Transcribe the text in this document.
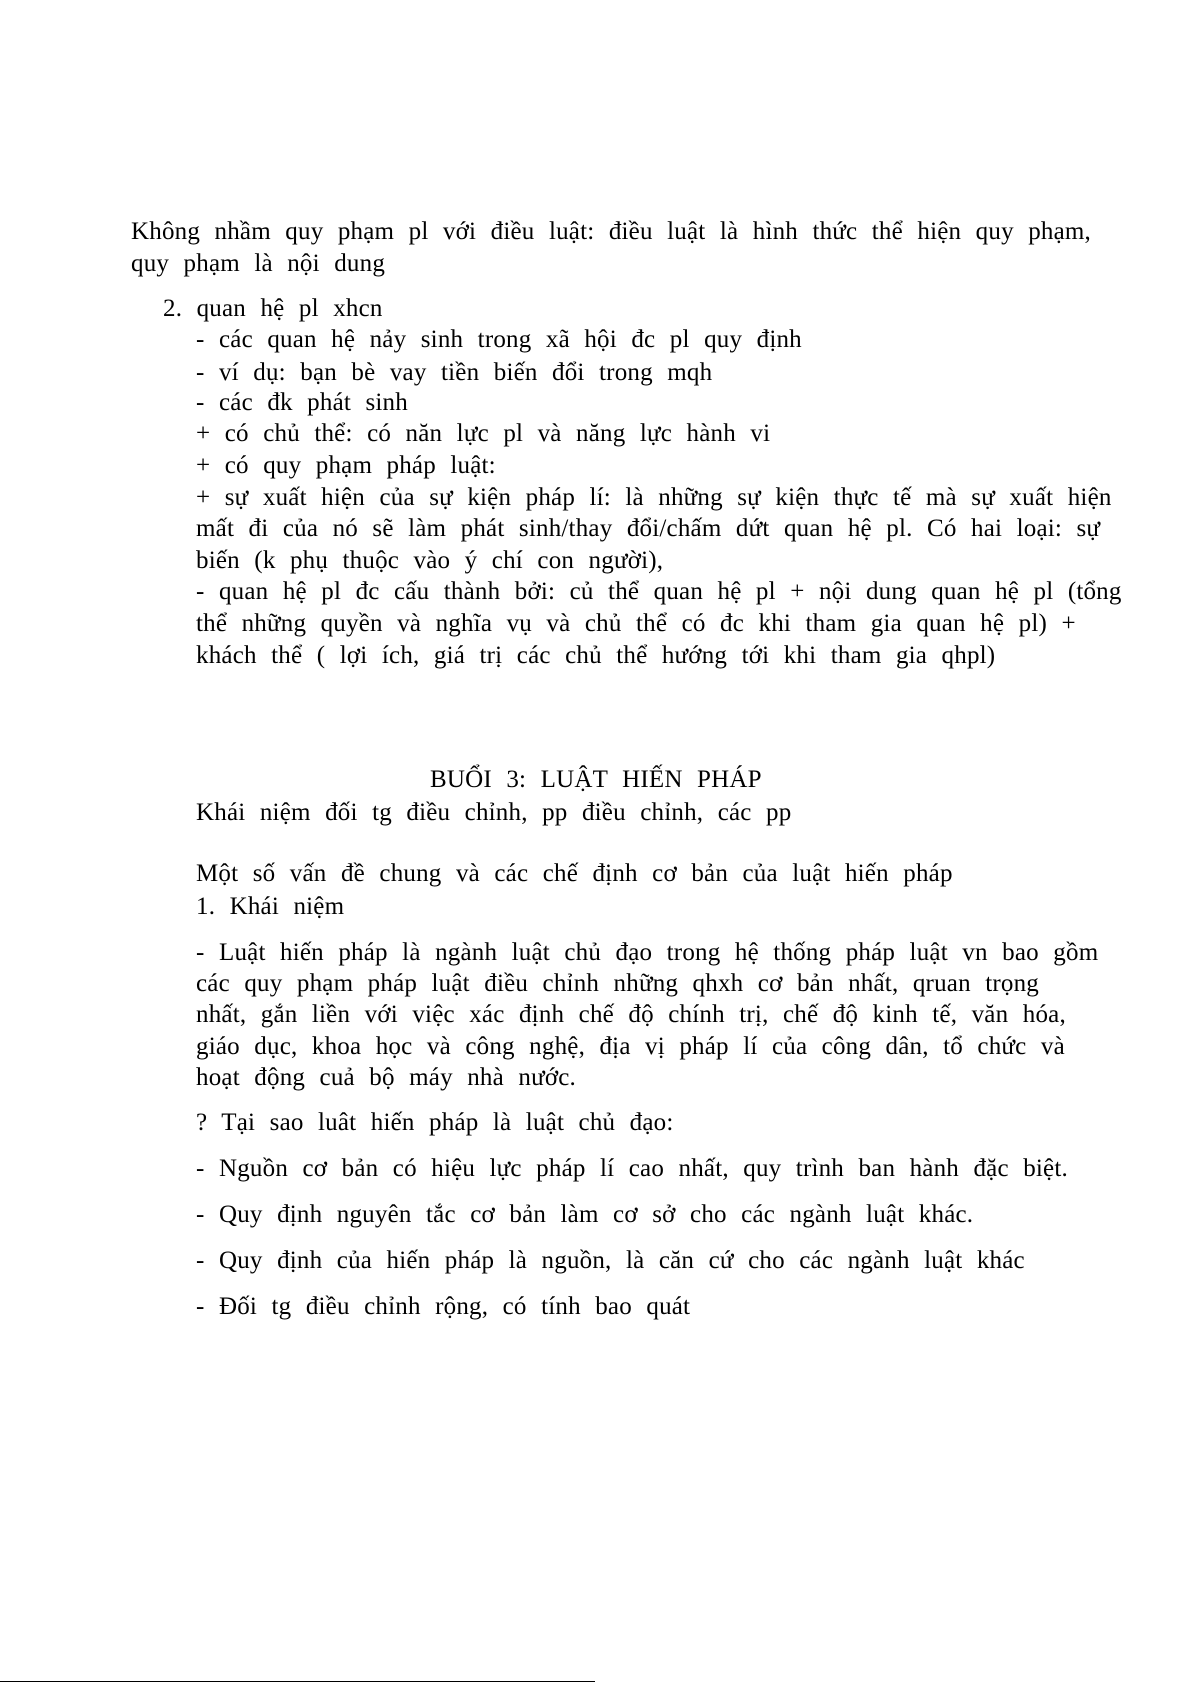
Không nhầm quy phạm pl với điều luật: điều luật là hình thức thể hiện quy phạm,

quy phạm là nội dung

2. quan hệ pl xhcn

- các quan hệ nảy sinh trong xã hội đc pl quy định

- ví dụ: bạn bè vay tiền biến đổi trong mqh

- các đk phát sinh

+ có chủ thể: có năn lực pl và năng lực hành vi

+ có quy phạm pháp luật:

+ sự xuất hiện của sự kiện pháp lí: là những sự kiện thực tế mà sự xuất hiện

mất đi của nó sẽ làm phát sinh/thay đổi/chấm dứt quan hệ pl. Có hai loại: sự

biến (k phụ thuộc vào ý chí con người),

- quan hệ pl đc cấu thành bởi: củ thể quan hệ pl + nội dung quan hệ pl (tổng

thể những quyền và nghĩa vụ và chủ thể có đc khi tham gia quan hệ pl) +

khách thể ( lợi ích, giá trị các chủ thể hướng tới khi tham gia qhpl)

BUỔI 3: LUẬT HIẾN PHÁP

Khái niệm đối tg điều chỉnh, pp điều chỉnh, các pp

Một số vấn đề chung và các chế định cơ bản của luật hiến pháp

1. Khái niệm

- Luật hiến pháp là ngành luật chủ đạo trong hệ thống pháp luật vn bao gồm

các quy phạm pháp luật điều chỉnh những qhxh cơ bản nhất, qruan trọng

nhất, gắn liền với việc xác định chế độ chính trị, chế độ kinh tế, văn hóa,

giáo dục, khoa học và công nghệ, địa vị pháp lí của công dân, tổ chức và

hoạt động cuả bộ máy nhà nước.

? Tại sao luât hiến pháp là luật chủ đạo:

- Nguồn cơ bản có hiệu lực pháp lí cao nhất, quy trình ban hành đặc biệt.

- Quy định nguyên tắc cơ bản làm cơ sở cho các ngành luật khác.

- Quy định của hiến pháp là nguồn, là căn cứ cho các ngành luật khác

- Đối tg điều chỉnh rộng, có tính bao quát
